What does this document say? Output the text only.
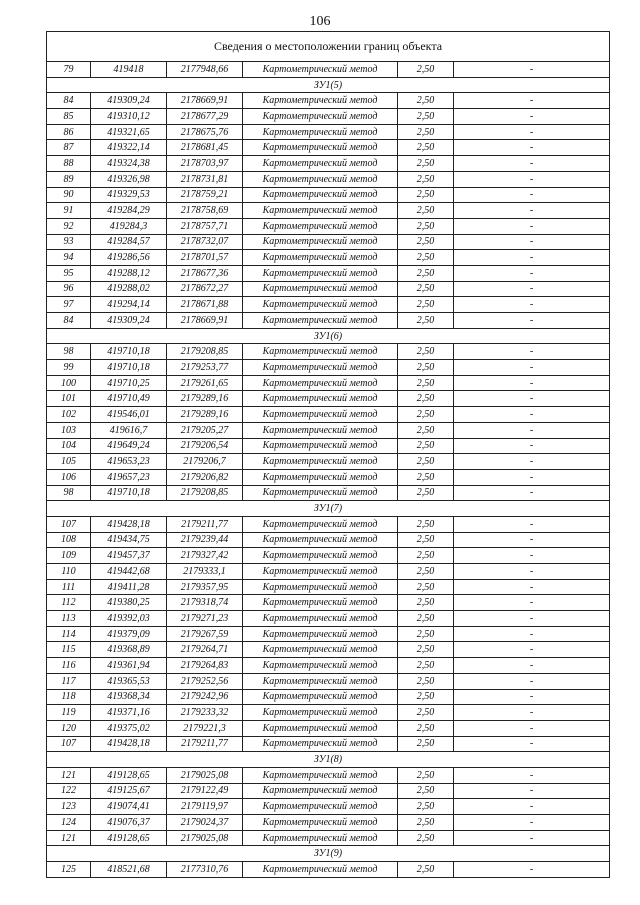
106
Сведения о местоположении границ объекта					
79	419418	2177948,66	Картометрический метод	2,50	-
ЗУ1(5)					
84	419309,24	2178669,91	Картометрический метод	2,50	-
85	419310,12	2178677,29	Картометрический метод	2,50	-
86	419321,65	2178675,76	Картометрический метод	2,50	-
87	419322,14	2178681,45	Картометрический метод	2,50	-
88	419324,38	2178703,97	Картометрический метод	2,50	-
89	419326,98	2178731,81	Картометрический метод	2,50	-
90	419329,53	2178759,21	Картометрический метод	2,50	-
91	419284,29	2178758,69	Картометрический метод	2,50	-
92	419284,3	2178757,71	Картометрический метод	2,50	-
93	419284,57	2178732,07	Картометрический метод	2,50	-
94	419286,56	2178701,57	Картометрический метод	2,50	-
95	419288,12	2178677,36	Картометрический метод	2,50	-
96	419288,02	2178672,27	Картометрический метод	2,50	-
97	419294,14	2178671,88	Картометрический метод	2,50	-
84	419309,24	2178669,91	Картометрический метод	2,50	-
ЗУ1(6)					
98	419710,18	2179208,85	Картометрический метод	2,50	-
99	419710,18	2179253,77	Картометрический метод	2,50	-
100	419710,25	2179261,65	Картометрический метод	2,50	-
101	419710,49	2179289,16	Картометрический метод	2,50	-
102	419546,01	2179289,16	Картометрический метод	2,50	-
103	419616,7	2179205,27	Картометрический метод	2,50	-
104	419649,24	2179206,54	Картометрический метод	2,50	-
105	419653,23	2179206,7	Картометрический метод	2,50	-
106	419657,23	2179206,82	Картометрический метод	2,50	-
98	419710,18	2179208,85	Картометрический метод	2,50	-
ЗУ1(7)					
107	419428,18	2179211,77	Картометрический метод	2,50	-
108	419434,75	2179239,44	Картометрический метод	2,50	-
109	419457,37	2179327,42	Картометрический метод	2,50	-
110	419442,68	2179333,1	Картометрический метод	2,50	-
111	419411,28	2179357,95	Картометрический метод	2,50	-
112	419380,25	2179318,74	Картометрический метод	2,50	-
113	419392,03	2179271,23	Картометрический метод	2,50	-
114	419379,09	2179267,59	Картометрический метод	2,50	-
115	419368,89	2179264,71	Картометрический метод	2,50	-
116	419361,94	2179264,83	Картометрический метод	2,50	-
117	419365,53	2179252,56	Картометрический метод	2,50	-
118	419368,34	2179242,96	Картометрический метод	2,50	-
119	419371,16	2179233,32	Картометрический метод	2,50	-
120	419375,02	2179221,3	Картометрический метод	2,50	-
107	419428,18	2179211,77	Картометрический метод	2,50	-
ЗУ1(8)					
121	419128,65	2179025,08	Картометрический метод	2,50	-
122	419125,67	2179122,49	Картометрический метод	2,50	-
123	419074,41	2179119,97	Картометрический метод	2,50	-
124	419076,37	2179024,37	Картометрический метод	2,50	-
121	419128,65	2179025,08	Картометрический метод	2,50	-
ЗУ1(9)					
125	418521,68	2177310,76	Картометрический метод	2,50	-
